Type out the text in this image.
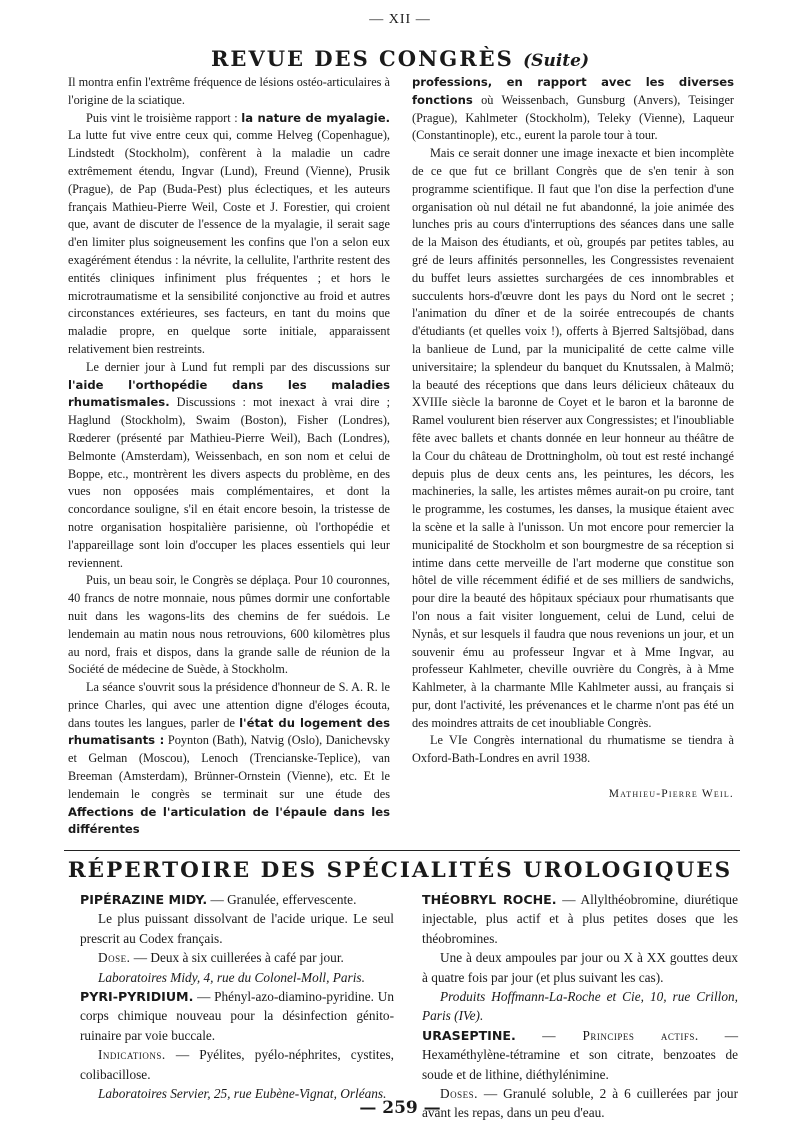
— XII —
REVUE DES CONGRÈS (Suite)

Il montra enfin l'extrême fréquence de lésions ostéo-articulaires à l'origine de la sciatique.

Puis vint le troisième rapport : la nature de myalagie. La lutte fut vive entre ceux qui, comme Helveg (Copenhague), Lindstedt (Stockholm), confèrent à la maladie un cadre extrêmement étendu, Ingvar (Lund), Freund (Vienne), Prusik (Prague), de Pap (Buda-Pest) plus éclectiques, et les auteurs français Mathieu-Pierre Weil, Coste et J. Forestier, qui croient que, avant de discuter de l'essence de la myalagie, il serait sage d'en limiter plus soigneusement les confins que l'on a selon eux exagérément étendus : la névrite, la cellulite, l'arthrite restent des entités cliniques infiniment plus fréquentes ; et hors le microtraumatisme et la sensibilité conjonctive au froid et autres circonstances extérieures, ses facteurs, en tant du moins que maladie propre, en quelque sorte initiale, apparaissent relativement bien restreints.

Le dernier jour à Lund fut rempli par des discussions sur l'aide l'orthopédie dans les maladies rhumatismales. Discussions : mot inexact à vrai dire ; Haglund (Stockholm), Swaim (Boston), Fisher (Londres), Rœderer (présenté par Mathieu-Pierre Weil), Bach (Londres), Belmonte (Amsterdam), Weissenbach, en son nom et celui de Boppe, etc., montrèrent les divers aspects du problème, en des vues non opposées mais complémentaires, et dont la concordance souligne, s'il en était encore besoin, la tristesse de notre organisation hospitalière parisienne, où l'orthopédie et l'appareillage sont loin d'occuper les places essentiels qui leur reviennent.

Puis, un beau soir, le Congrès se déplaça. Pour 10 couronnes, 40 francs de notre monnaie, nous pûmes dormir une confortable nuit dans les wagons-lits des chemins de fer suédois. Le lendemain au matin nous nous retrouvions, 600 kilomètres plus au nord, frais et dispos, dans la grande salle de réunion de la Société de médecine de Suède, à Stockholm.

La séance s'ouvrit sous la présidence d'honneur de S. A. R. le prince Charles, qui avec une attention digne d'éloges écouta, dans toutes les langues, parler de l'état du logement des rhumatisants : Poynton (Bath), Natvig (Oslo), Danichevsky et Gelman (Moscou), Lenoch (Trencianske-Teplice), van Breeman (Amsterdam), Brünner-Ornstein (Vienne), etc. Et le lendemain le congrès se terminait sur une étude des Affections de l'articulation de l'épaule dans les différentes

professions, en rapport avec les diverses fonctions où Weissenbach, Gunsburg (Anvers), Teisinger (Prague), Kahlmeter (Stockholm), Teleky (Vienne), Laqueur (Constantinople), etc., eurent la parole tour à tour.

Mais ce serait donner une image inexacte et bien incomplète de ce que fut ce brillant Congrès que de s'en tenir à son programme scientifique. Il faut que l'on dise la perfection d'une organisation où nul détail ne fut abandonné, la joie animée des lunches pris au cours d'interruptions des séances dans une salle de la Maison des étudiants, et où, groupés par petites tables, au gré de leurs affinités personnelles, les Congressistes revenaient du buffet leurs assiettes surchargées de ces innombrables et succulents hors-d'œuvre dont les pays du Nord ont le secret ; l'animation du dîner et de la soirée entrecoupés de chants d'étudiants (et quelles voix !), offerts à Bjerred Saltsjöbad, dans la banlieue de Lund, par la municipalité de cette calme ville universitaire; la splendeur du banquet du Knutssalen, à Malmö; la beauté des réceptions que dans leurs délicieux châteaux du XVIIIe siècle la baronne de Coyet et le baron et la baronne de Ramel voulurent bien réserver aux Congressistes; et l'inoubliable fête avec ballets et chants donnée en leur honneur au théâtre de la Cour du château de Drottningholm, où tout est resté inchangé depuis plus de deux cents ans, les peintures, les décors, les machineries, la salle, les artistes mêmes aurait-on pu croire, tant le programme, les costumes, les danses, la musique étaient avec la scène et la salle à l'unisson. Un mot encore pour remercier la municipalité de Stockholm et son bourgmestre de sa réception si intime dans cette merveille de l'art moderne que constitue son hôtel de ville récemment édifié et de ses milliers de sandwichs, pour dire la beauté des hôpitaux spéciaux pour rhumatisants que l'on nous a fait visiter longuement, celui de Lund, celui de Nynås, et sur lesquels il faudra que nous revenions un jour, et un souvenir ému au professeur Ingvar et à Mme Ingvar, au professeur Kahlmeter, cheville ouvrière du Congrès, à à Mme Kahlmeter, à la charmante Mlle Kahlmeter aussi, au français si pur, dont l'activité, les prévenances et le charme n'ont pas été un des moindres attraits de cet inoubliable Congrès.

Le VIe Congrès international du rhumatisme se tiendra à Oxford-Bath-Londres en avril 1938.

Mathieu-Pierre Weil.
RÉPERTOIRE DES SPÉCIALITÉS UROLOGIQUES

PIPÉRAZINE MIDY. — Granulée, effervescente.

Le plus puissant dissolvant de l'acide urique. Le seul prescrit au Codex français.

Dose. — Deux à six cuillerées à café par jour.

Laboratoires Midy, 4, rue du Colonel-Moll, Paris.

PYRI-PYRIDIUM. — Phényl-azo-diamino-pyridine. Un corps chimique nouveau pour la désinfection génito-ruinaire par voie buccale.

Indications. — Pyélites, pyélo-néphrites, cystites, colibacillose.

Laboratoires Servier, 25, rue Eubène-Vignat, Orléans.

THÉOBRYL ROCHE. — Allylthéobromine, diurétique injectable, plus actif et à plus petites doses que les théobromines.

Une à deux ampoules par jour ou X à XX gouttes deux à quatre fois par jour (et plus suivant les cas).

Produits Hoffmann-La-Roche et Cie, 10, rue Crillon, Paris (IVe).

URASEPTINE. — Principes actifs. — Hexaméthylène-tétramine et son citrate, benzoates de soude et de lithine, diéthylénimine.

Doses. — Granulé soluble, 2 à 6 cuillerées par jour avant les repas, dans un peu d'eau.

— 259 —
